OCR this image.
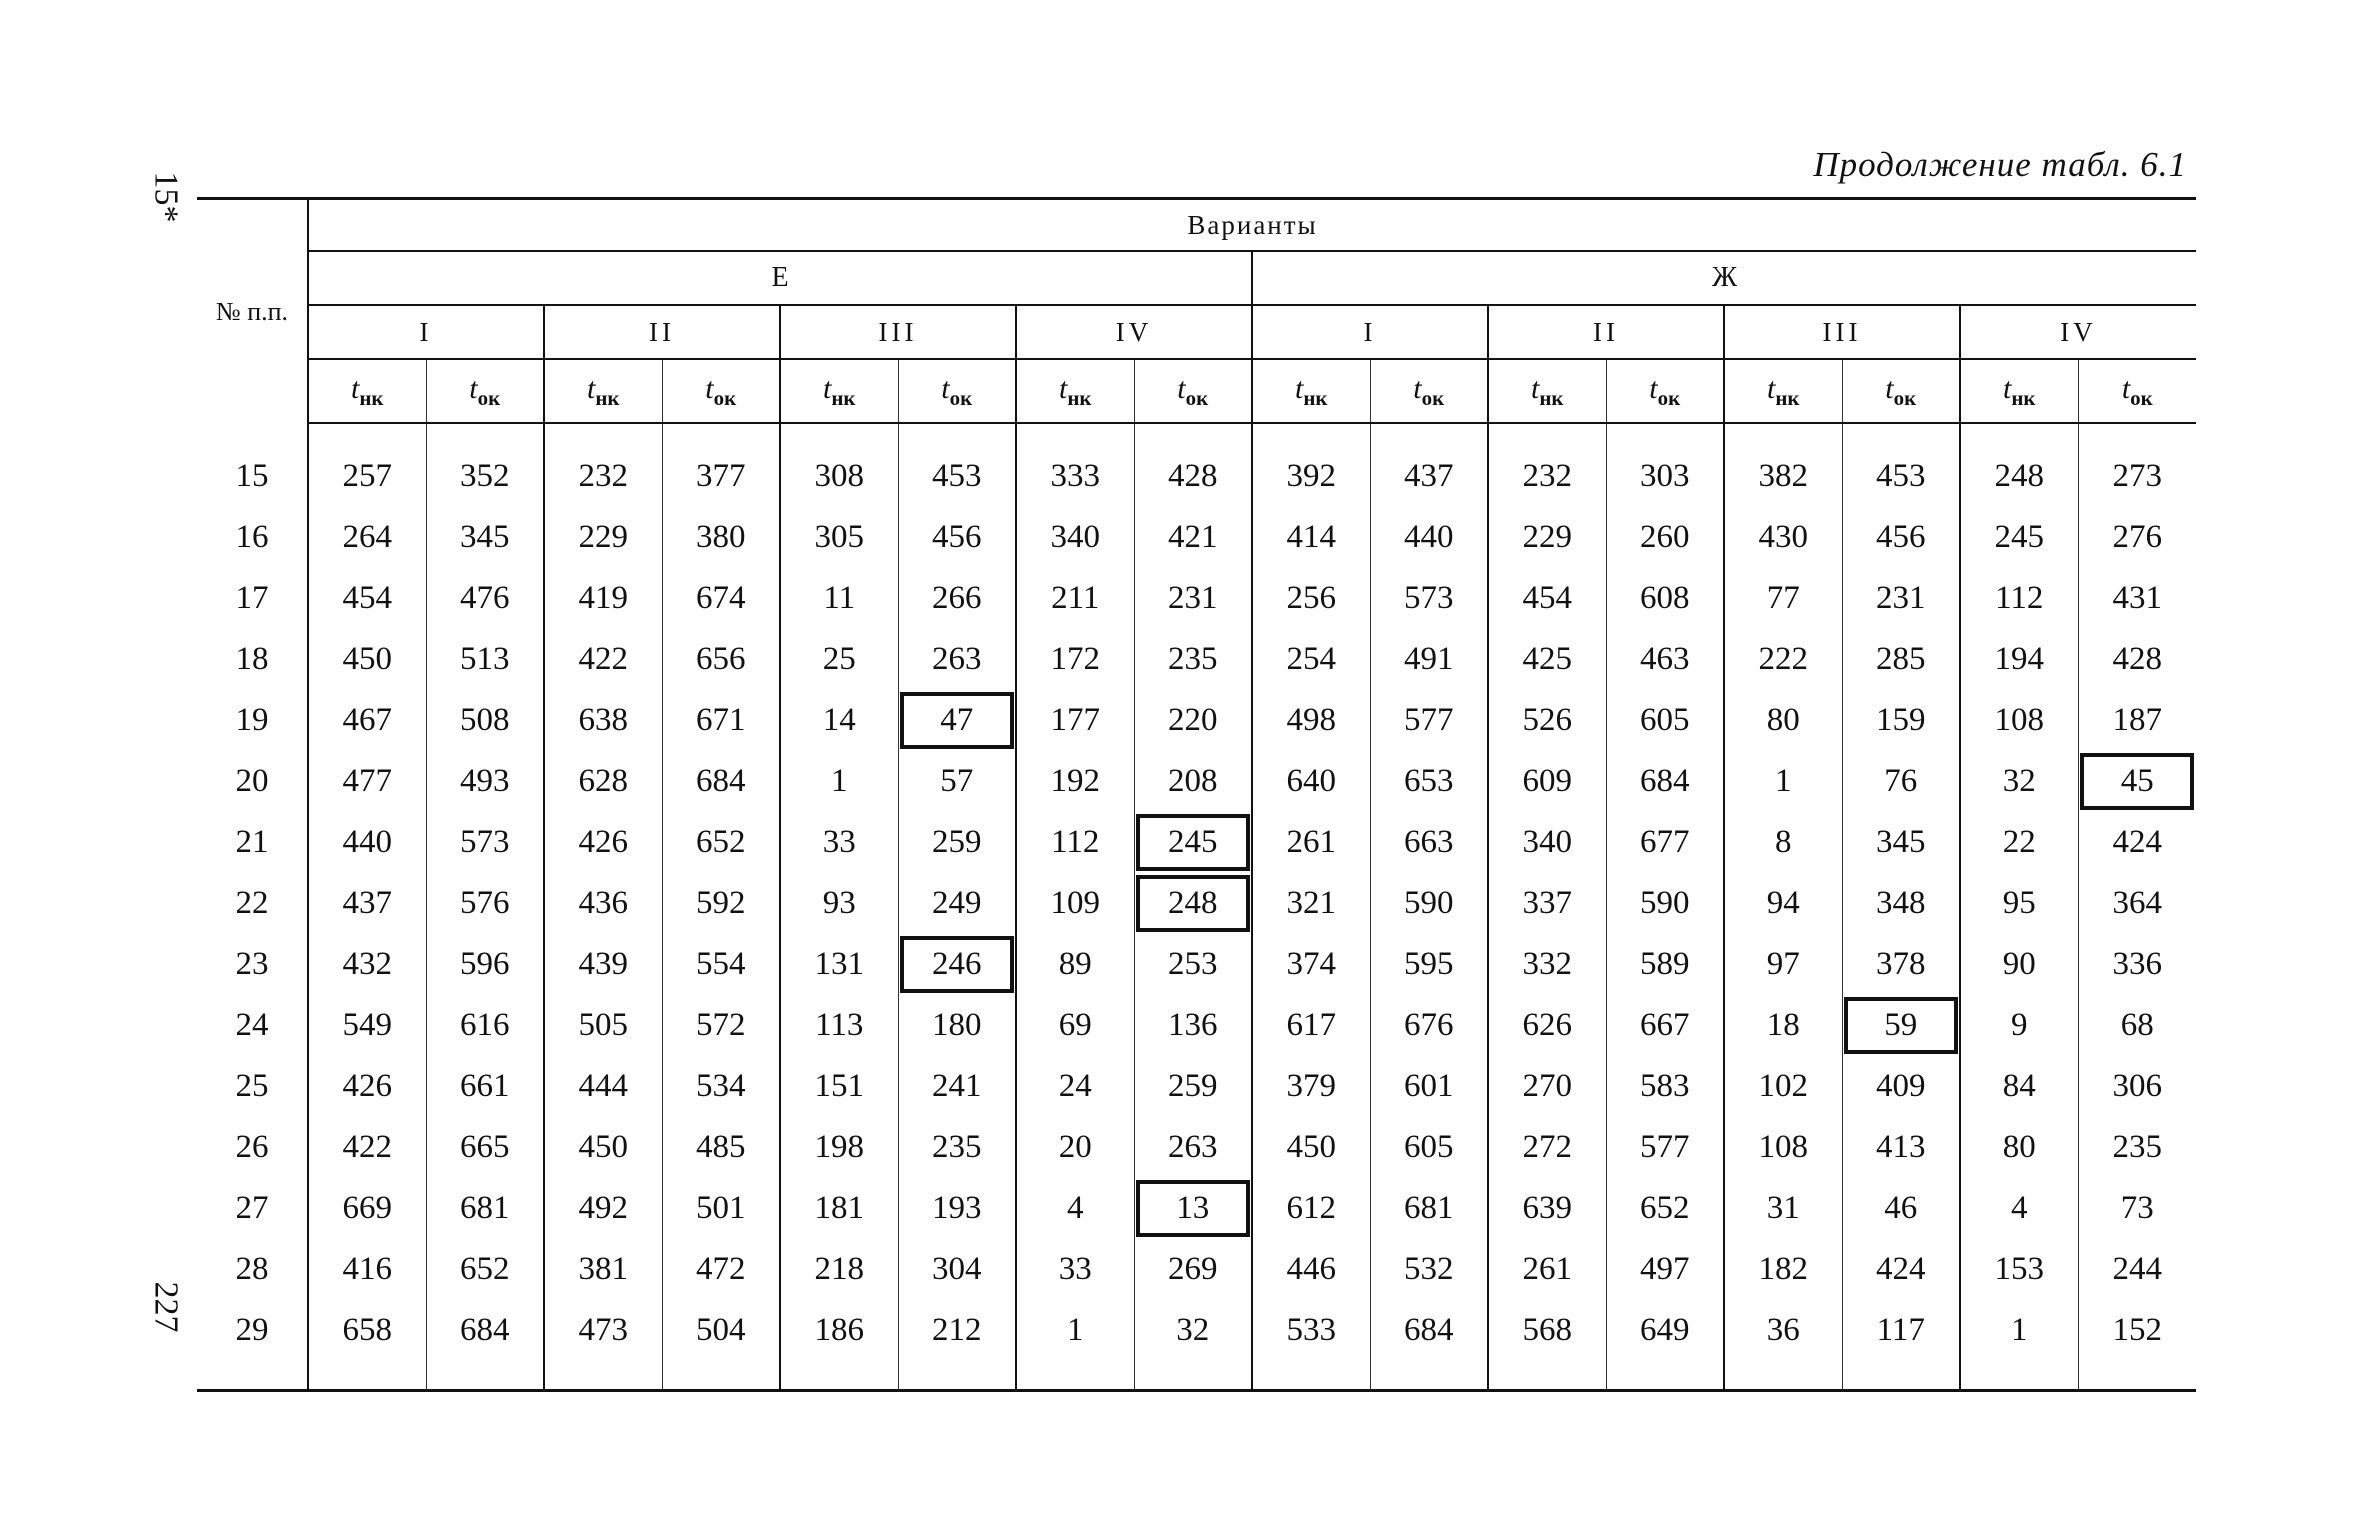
15*
227
Продолжение табл. 6.1
№ п.п.	Варианты															
	Е								Ж							
	I		II		III		IV		I		II		III		IV	
	$t_{нк}$	$t_{ок}$	$t_{нк}$	$t_{ок}$	$t_{нк}$	$t_{ок}$	$t_{нк}$	$t_{ок}$	$t_{нк}$	$t_{ок}$	$t_{нк}$	$t_{ок}$	$t_{нк}$	$t_{ок}$	$t_{нк}$	$t_{ок}$
15	257	352	232	377	308	453	333	428	392	437	232	303	382	453	248	273
16	264	345	229	380	305	456	340	421	414	440	229	260	430	456	245	276
17	454	476	419	674	11	266	211	231	256	573	454	608	77	231	112	431
18	450	513	422	656	25	263	172	235	254	491	425	463	222	285	194	428
19	467	508	638	671	14	47	177	220	498	577	526	605	80	159	108	187
20	477	493	628	684	1	57	192	208	640	653	609	684	1	76	32	45
21	440	573	426	652	33	259	112	245	261	663	340	677	8	345	22	424
22	437	576	436	592	93	249	109	248	321	590	337	590	94	348	95	364
23	432	596	439	554	131	246	89	253	374	595	332	589	97	378	90	336
24	549	616	505	572	113	180	69	136	617	676	626	667	18	59	9	68
25	426	661	444	534	151	241	24	259	379	601	270	583	102	409	84	306
26	422	665	450	485	198	235	20	263	450	605	272	577	108	413	80	235
27	669	681	492	501	181	193	4	13	612	681	639	652	31	46	4	73
28	416	652	381	472	218	304	33	269	446	532	261	497	182	424	153	244
29	658	684	473	504	186	212	1	32	533	684	568	649	36	117	1	152
